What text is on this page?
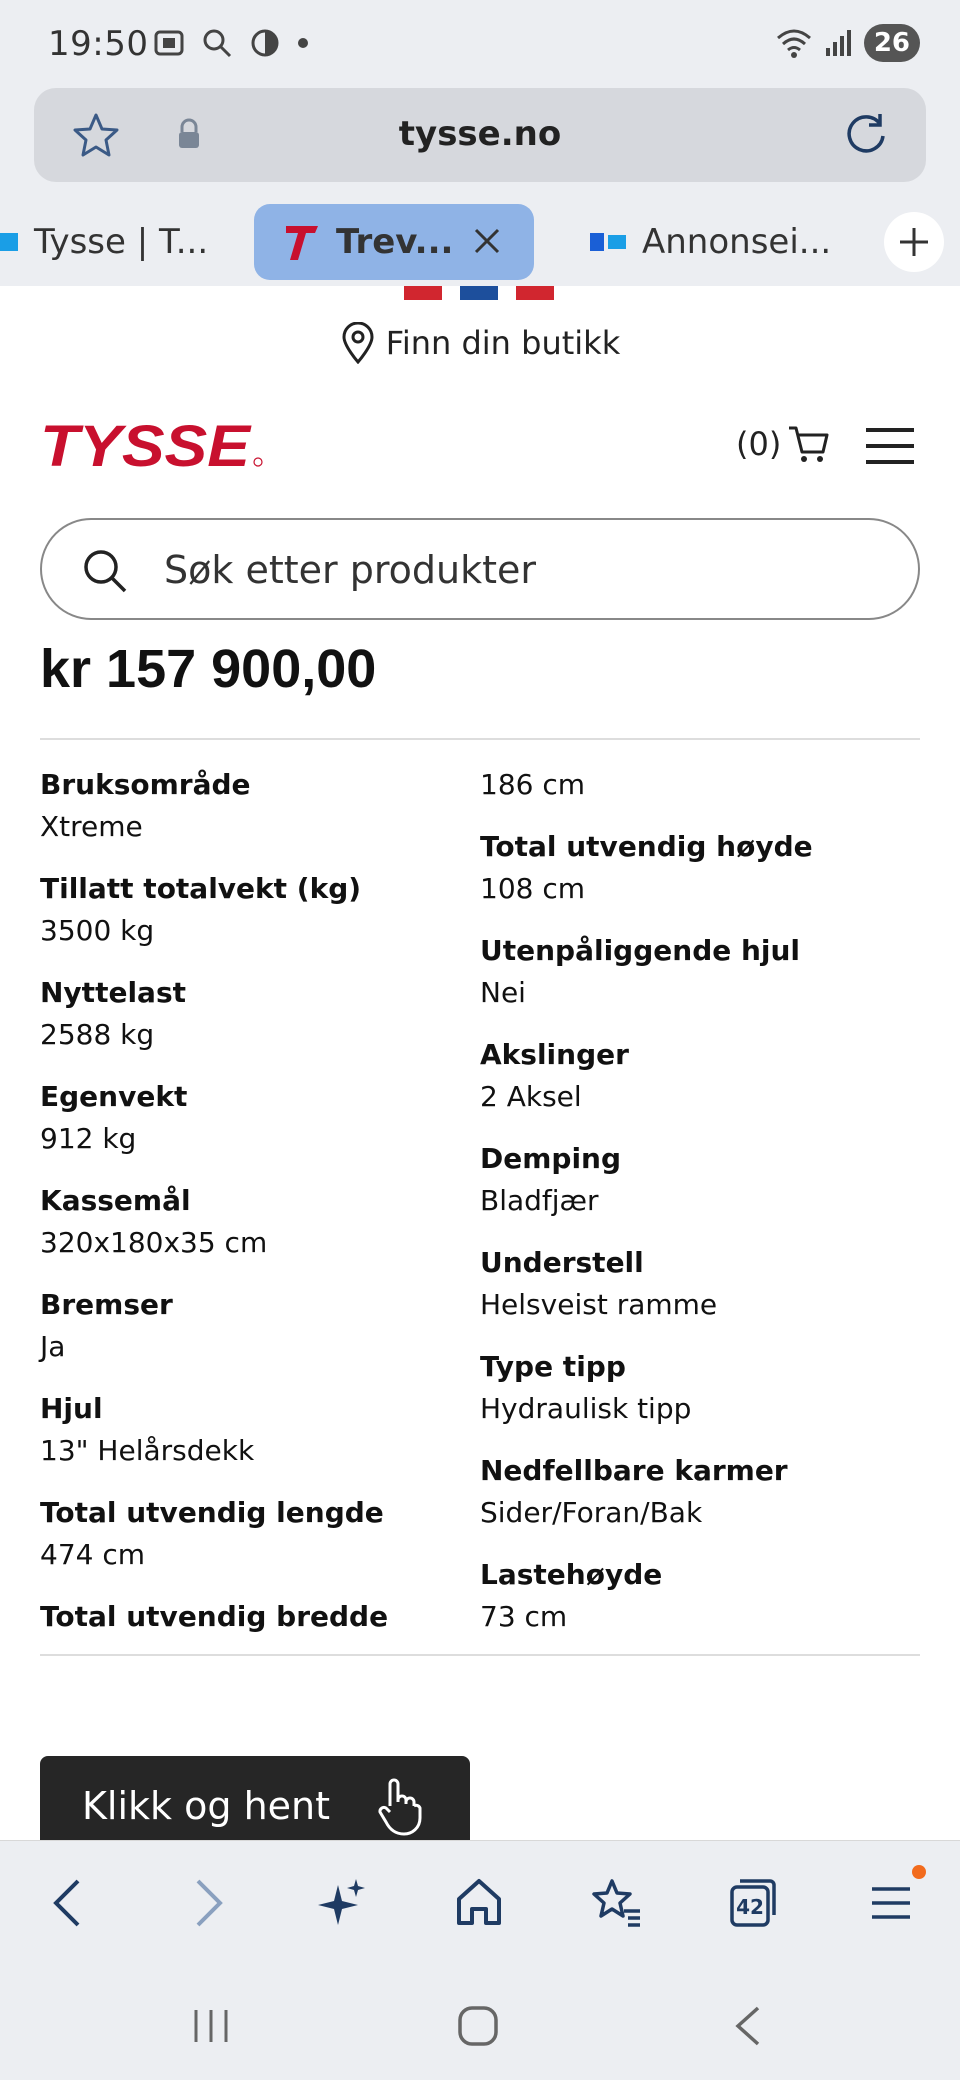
19:50	26
tysse.no
Tysse | T...	Trev...	Annonsei...
Finn din butikk
TYSSE	(0)
Søk etter produkter
kr 157 900,00
Bruksområde
Xtreme
Tillatt totalvekt (kg)
3500 kg
Nyttelast
2588 kg
Egenvekt
912 kg
Kassemål
320x180x35 cm
Bremser
Ja
Hjul
13" Helårsdekk
Total utvendig lengde
474 cm
Total utvendig bredde
186 cm
Total utvendig høyde
108 cm
Utenpåliggende hjul
Nei
Akslinger
2 Aksel
Demping
Bladfjær
Understell
Helsveist ramme
Type tipp
Hydraulisk tipp
Nedfellbare karmer
Sider/Foran/Bak
Lastehøyde
73 cm
Klikk og hent
42
